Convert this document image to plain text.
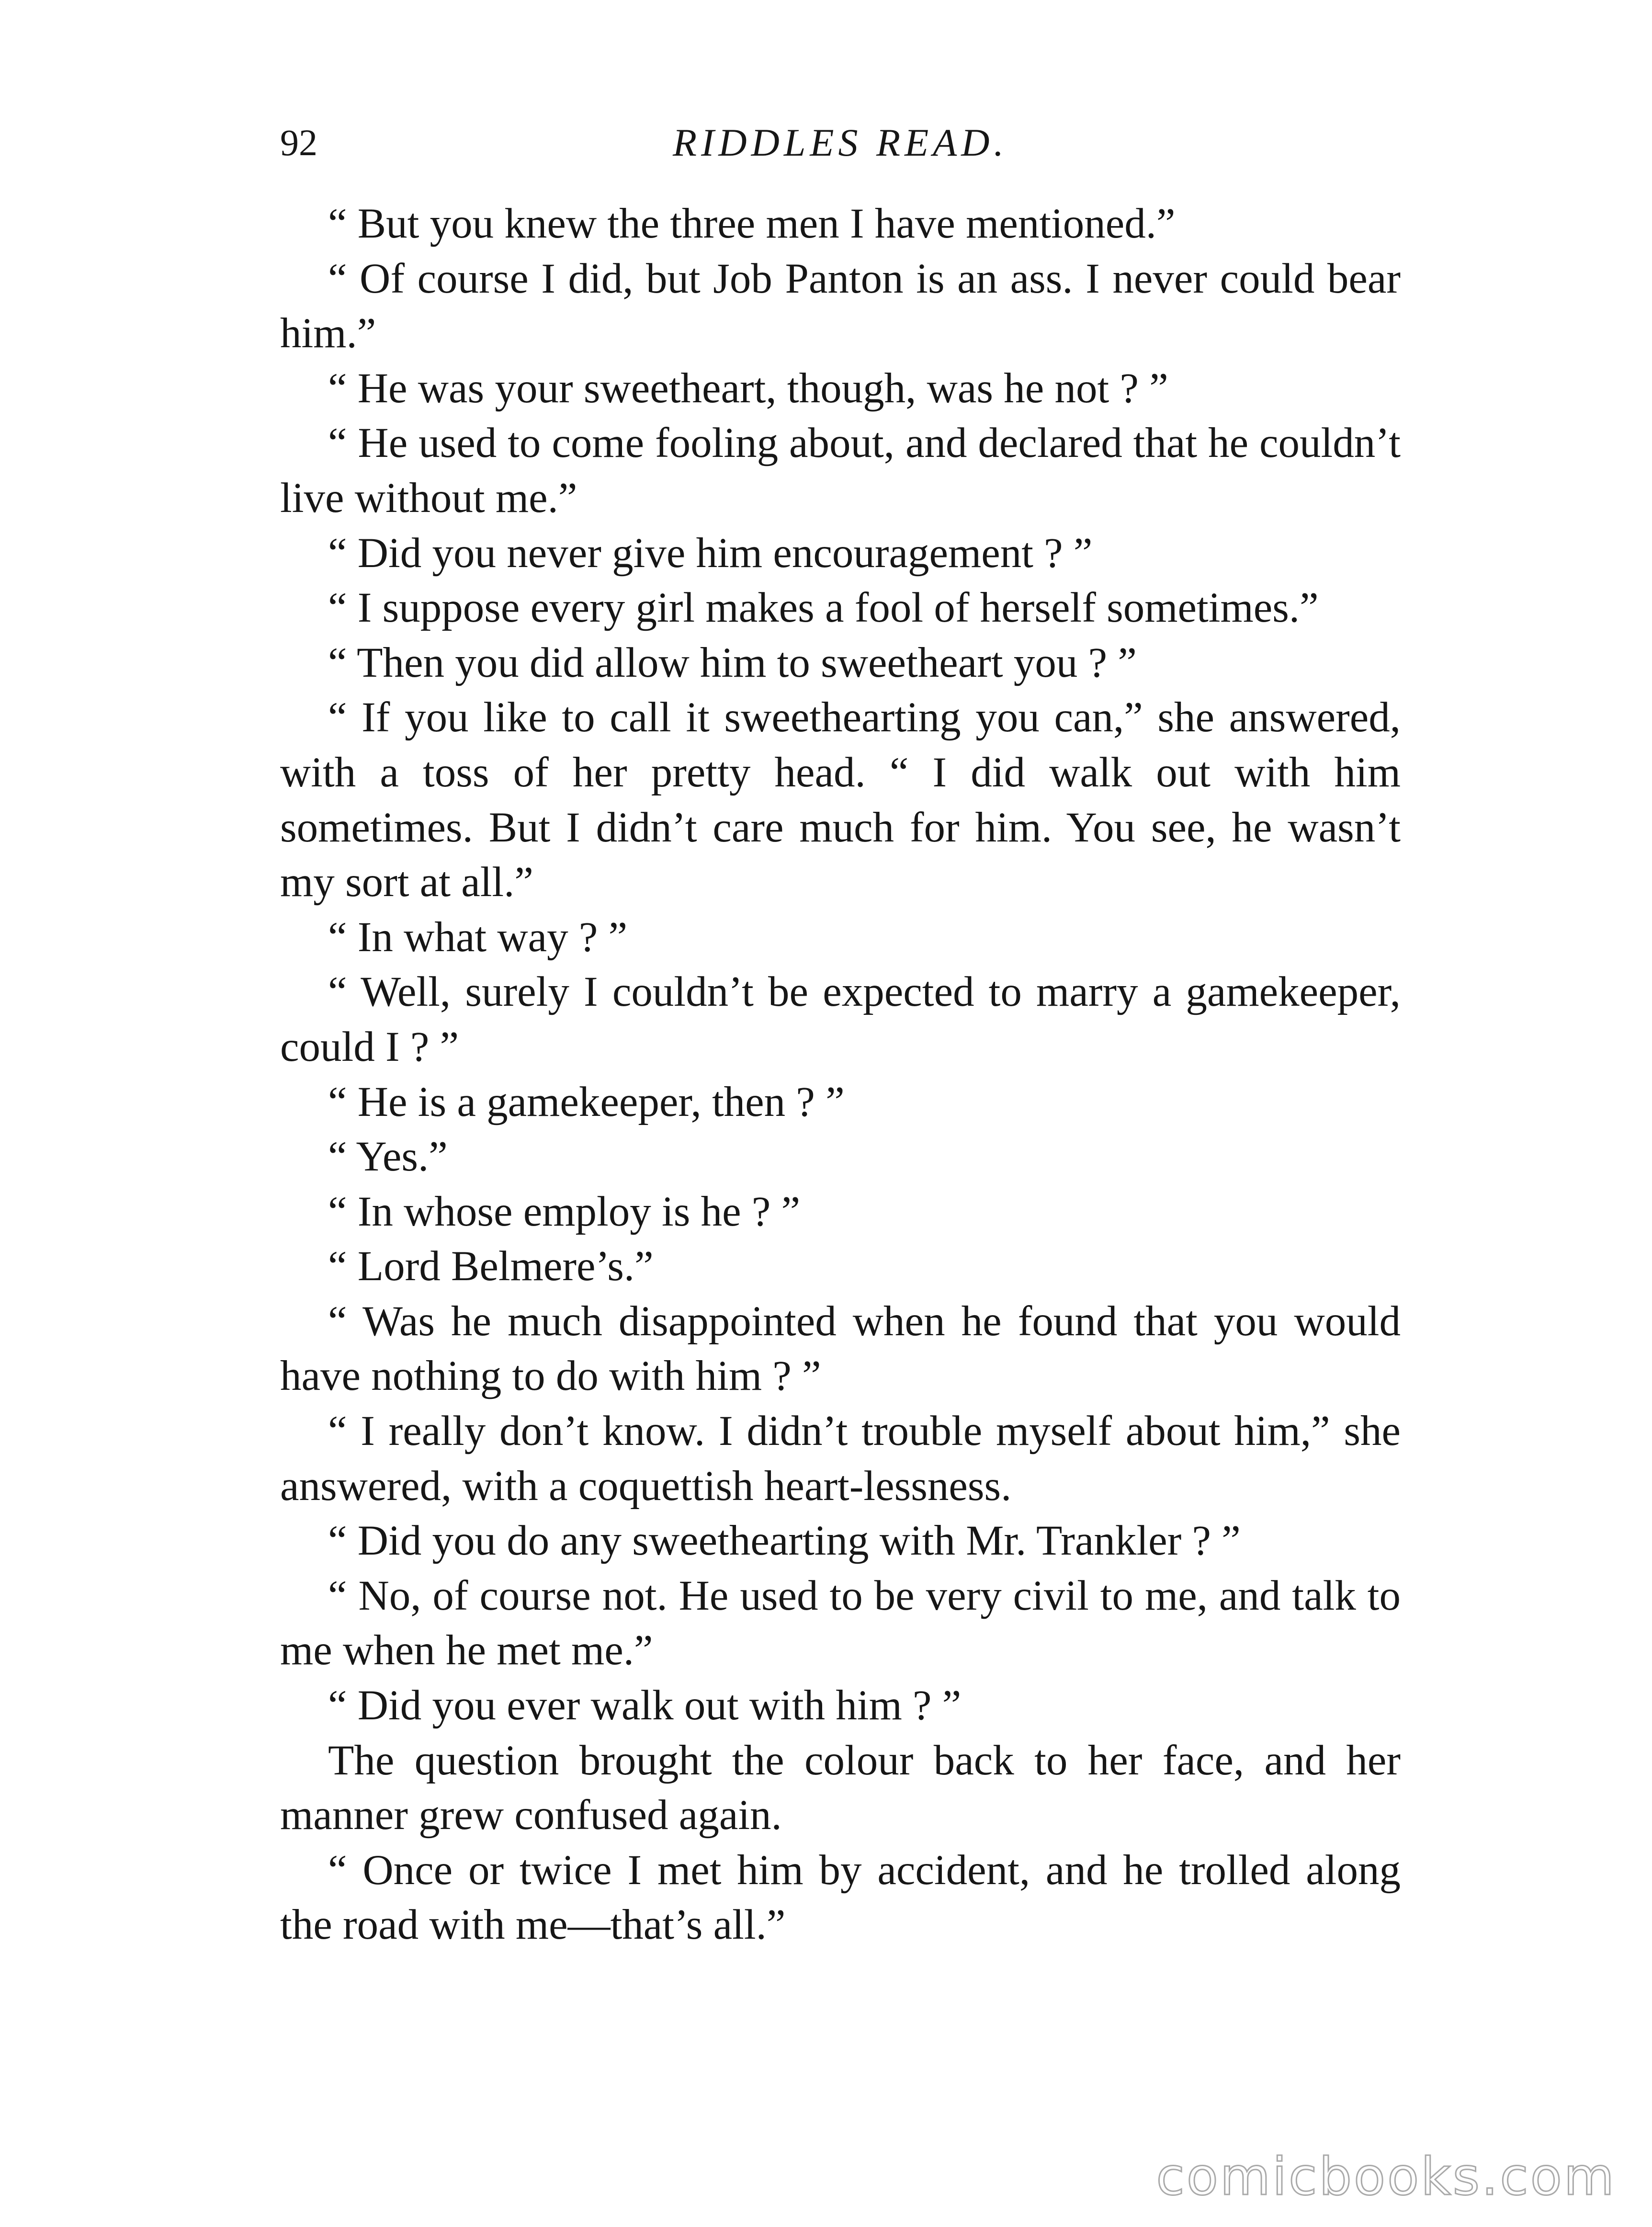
92	RIDDLES READ.

“ But you knew the three men I have mentioned.”

“ Of course I did, but Job Panton is an ass. I never could bear him.”

“ He was your sweetheart, though, was he not ? ”

“ He used to come fooling about, and declared that he couldn’t live without me.”

“ Did you never give him encouragement ? ”

“ I suppose every girl makes a fool of herself sometimes.”

“ Then you did allow him to sweetheart you ? ”

“ If you like to call it sweethearting you can,” she answered, with a toss of her pretty head. “ I did walk out with him sometimes. But I didn’t care much for him. You see, he wasn’t my sort at all.”

“ In what way ? ”

“ Well, surely I couldn’t be expected to marry a gamekeeper, could I ? ”

“ He is a gamekeeper, then ? ”

“ Yes.”

“ In whose employ is he ? ”

“ Lord Belmere’s.”

“ Was he much disappointed when he found that you would have nothing to do with him ? ”

“ I really don’t know. I didn’t trouble myself about him,” she answered, with a coquettish heart-lessness.

“ Did you do any sweethearting with Mr. Trankler ? ”

“ No, of course not. He used to be very civil to me, and talk to me when he met me.”

“ Did you ever walk out with him ? ”

The question brought the colour back to her face, and her manner grew confused again.

“ Once or twice I met him by accident, and he trolled along the road with me—that’s all.”

comicbooks.com
